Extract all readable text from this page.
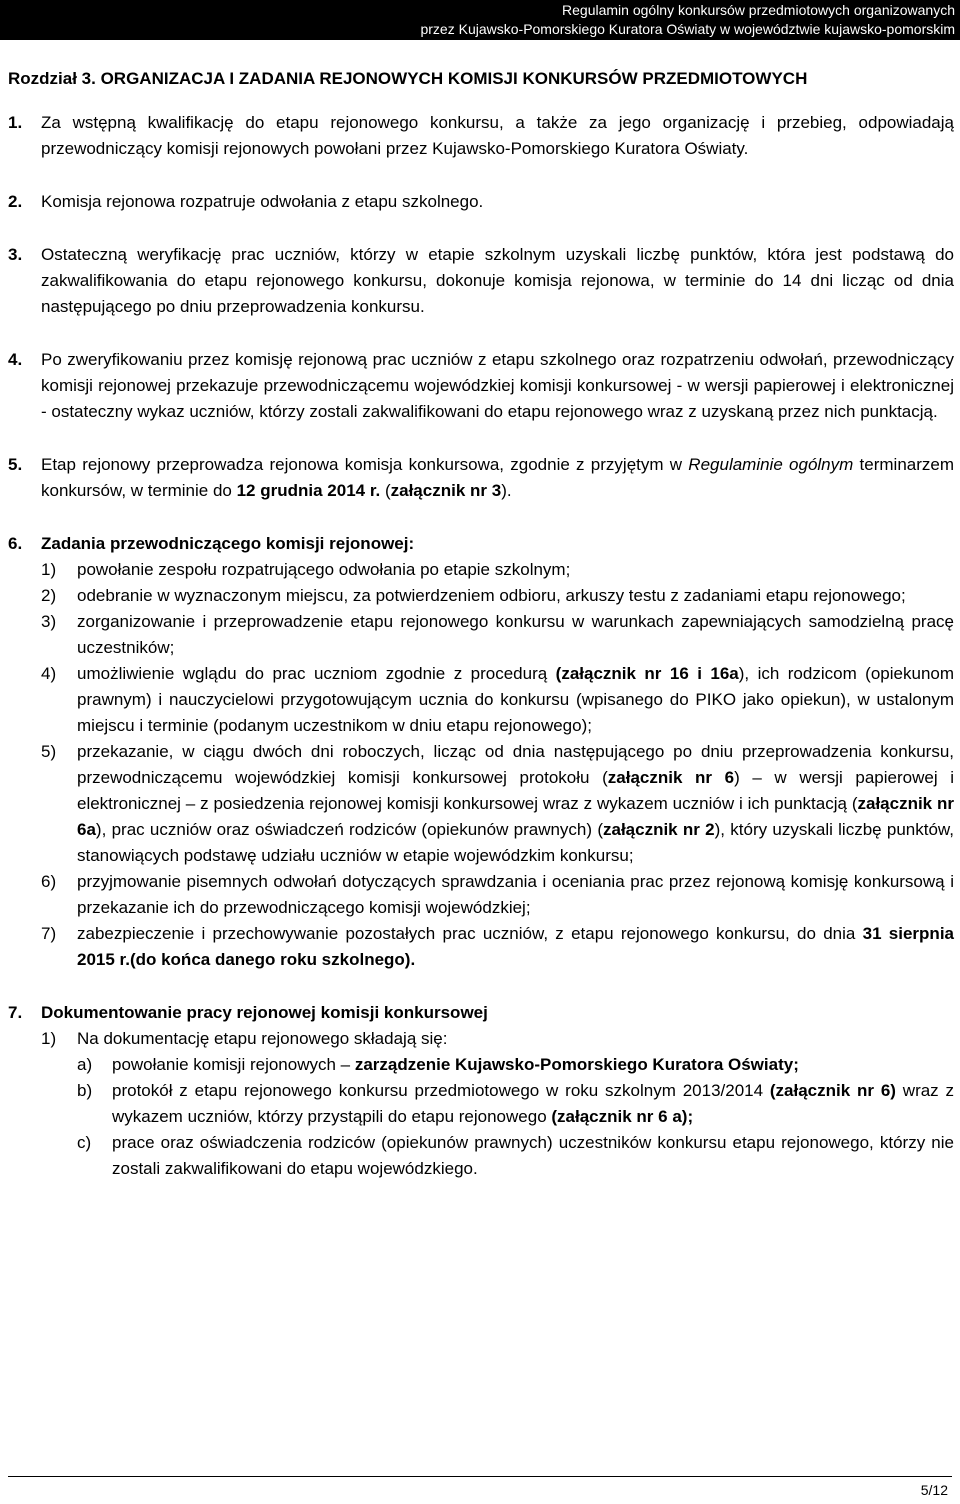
Regulamin ogólny konkursów przedmiotowych organizowanych
przez Kujawsko-Pomorskiego Kuratora Oświaty w województwie kujawsko-pomorskim
Rozdział 3. ORGANIZACJA I ZADANIA REJONOWYCH KOMISJI KONKURSÓW PRZEDMIOTOWYCH
1. Za wstępną kwalifikację do etapu rejonowego konkursu, a także za jego organizację i przebieg, odpowiadają przewodniczący komisji rejonowych powołani przez Kujawsko-Pomorskiego Kuratora Oświaty.
2. Komisja rejonowa rozpatruje odwołania z etapu szkolnego.
3. Ostateczną weryfikację prac uczniów, którzy w etapie szkolnym uzyskali liczbę punktów, która jest podstawą do zakwalifikowania do etapu rejonowego konkursu, dokonuje komisja rejonowa, w terminie do 14 dni licząc od dnia następującego po dniu przeprowadzenia konkursu.
4. Po zweryfikowaniu przez komisję rejonową prac uczniów z etapu szkolnego oraz rozpatrzeniu odwołań, przewodniczący komisji rejonowej przekazuje przewodniczącemu wojewódzkiej komisji konkursowej - w wersji papierowej i elektronicznej - ostateczny wykaz uczniów, którzy zostali zakwalifikowani do etapu rejonowego wraz z uzyskaną przez nich punktacją.
5. Etap rejonowy przeprowadza rejonowa komisja konkursowa, zgodnie z przyjętym w Regulaminie ogólnym terminarzem konkursów, w terminie do 12 grudnia 2014 r. (załącznik nr 3).
6. Zadania przewodniczącego komisji rejonowej:
1) powołanie zespołu rozpatrującego odwołania po etapie szkolnym;
2) odebranie w wyznaczonym miejscu, za potwierdzeniem odbioru, arkuszy testu z zadaniami etapu rejonowego;
3) zorganizowanie i przeprowadzenie etapu rejonowego konkursu w warunkach zapewniających samodzielną pracę uczestników;
4) umożliwienie wglądu do prac uczniom zgodnie z procedurą (załącznik nr 16 i 16a), ich rodzicom (opiekunom prawnym) i nauczycielowi przygotowującym ucznia do konkursu (wpisanego do PIKO jako opiekun), w ustalonym miejscu i terminie (podanym uczestnikom w dniu etapu rejonowego);
5) przekazanie, w ciągu dwóch dni roboczych, licząc od dnia następującego po dniu przeprowadzenia konkursu, przewodniczącemu wojewódzkiej komisji konkursowej protokołu (załącznik nr 6) – w wersji papierowej i elektronicznej – z posiedzenia rejonowej komisji konkursowej wraz z wykazem uczniów i ich punktacją (załącznik nr 6a), prac uczniów oraz oświadczeń rodziców (opiekunów prawnych) (załącznik nr 2), który uzyskali liczbę punktów, stanowiących podstawę udziału uczniów w etapie wojewódzkim konkursu;
6) przyjmowanie pisemnych odwołań dotyczących sprawdzania i oceniania prac przez rejonową komisję konkursową i przekazanie ich do przewodniczącego komisji wojewódzkiej;
7) zabezpieczenie i przechowywanie pozostałych prac uczniów, z etapu rejonowego konkursu, do dnia 31 sierpnia 2015 r.(do końca danego roku szkolnego).
7. Dokumentowanie pracy rejonowej komisji konkursowej
1) Na dokumentację etapu rejonowego składają się:
a) powołanie komisji rejonowych – zarządzenie Kujawsko-Pomorskiego Kuratora Oświaty;
b) protokół z etapu rejonowego konkursu przedmiotowego w roku szkolnym 2013/2014 (załącznik nr 6) wraz z wykazem uczniów, którzy przystąpili do etapu rejonowego (załącznik nr 6 a);
c) prace oraz oświadczenia rodziców (opiekunów prawnych) uczestników konkursu etapu rejonowego, którzy nie zostali zakwalifikowani do etapu wojewódzkiego.
5/12
